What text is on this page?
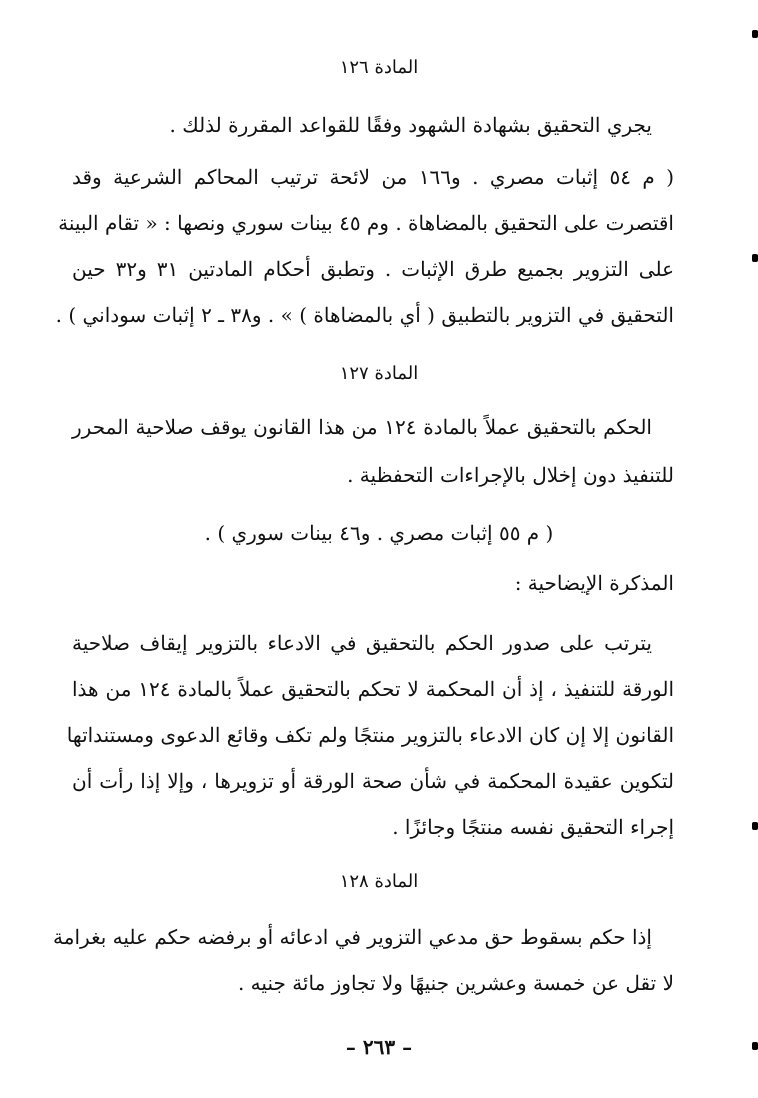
المادة ١٢٦
يجري التحقيق بشهادة الشهود وفقًا للقواعد المقررة لذلك .
( م ٥٤ إثبات مصري . و١٦٦ من لائحة ترتيب المحاكم الشرعية وقد
اقتصرت على التحقيق بالمضاهاة . وم ٤٥ بينات سوري ونصها : « تقام البينة
على التزوير بجميع طرق الإثبات . وتطبق أحكام المادتين ٣١ و٣٢ حين
التحقيق في التزوير بالتطبيق ( أي بالمضاهاة ) » . و٣٨ ـ ٢ إثبات سوداني ) .
المادة ١٢٧
الحكم بالتحقيق عملاً بالمادة ١٢٤ من هذا القانون يوقف صلاحية المحرر
للتنفيذ دون إخلال بالإجراءات التحفظية .
( م ٥٥ إثبات مصري . و٤٦ بينات سوري ) .
المذكرة الإيضاحية :
يترتب على صدور الحكم بالتحقيق في الادعاء بالتزوير إيقاف صلاحية
الورقة للتنفيذ ، إذ أن المحكمة لا تحكم بالتحقيق عملاً بالمادة ١٢٤ من هذا
القانون إلا إن كان الادعاء بالتزوير منتجًا ولم تكف وقائع الدعوى ومستنداتها
لتكوين عقيدة المحكمة في شأن صحة الورقة أو تزويرها ، وإلا إذا رأت أن
إجراء التحقيق نفسه منتجًا وجائزًا .
المادة ١٢٨
إذا حكم بسقوط حق مدعي التزوير في ادعائه أو برفضه حكم عليه بغرامة
لا تقل عن خمسة وعشرين جنيهًا ولا تجاوز مائة جنيه .
– ٢٦٣ –
